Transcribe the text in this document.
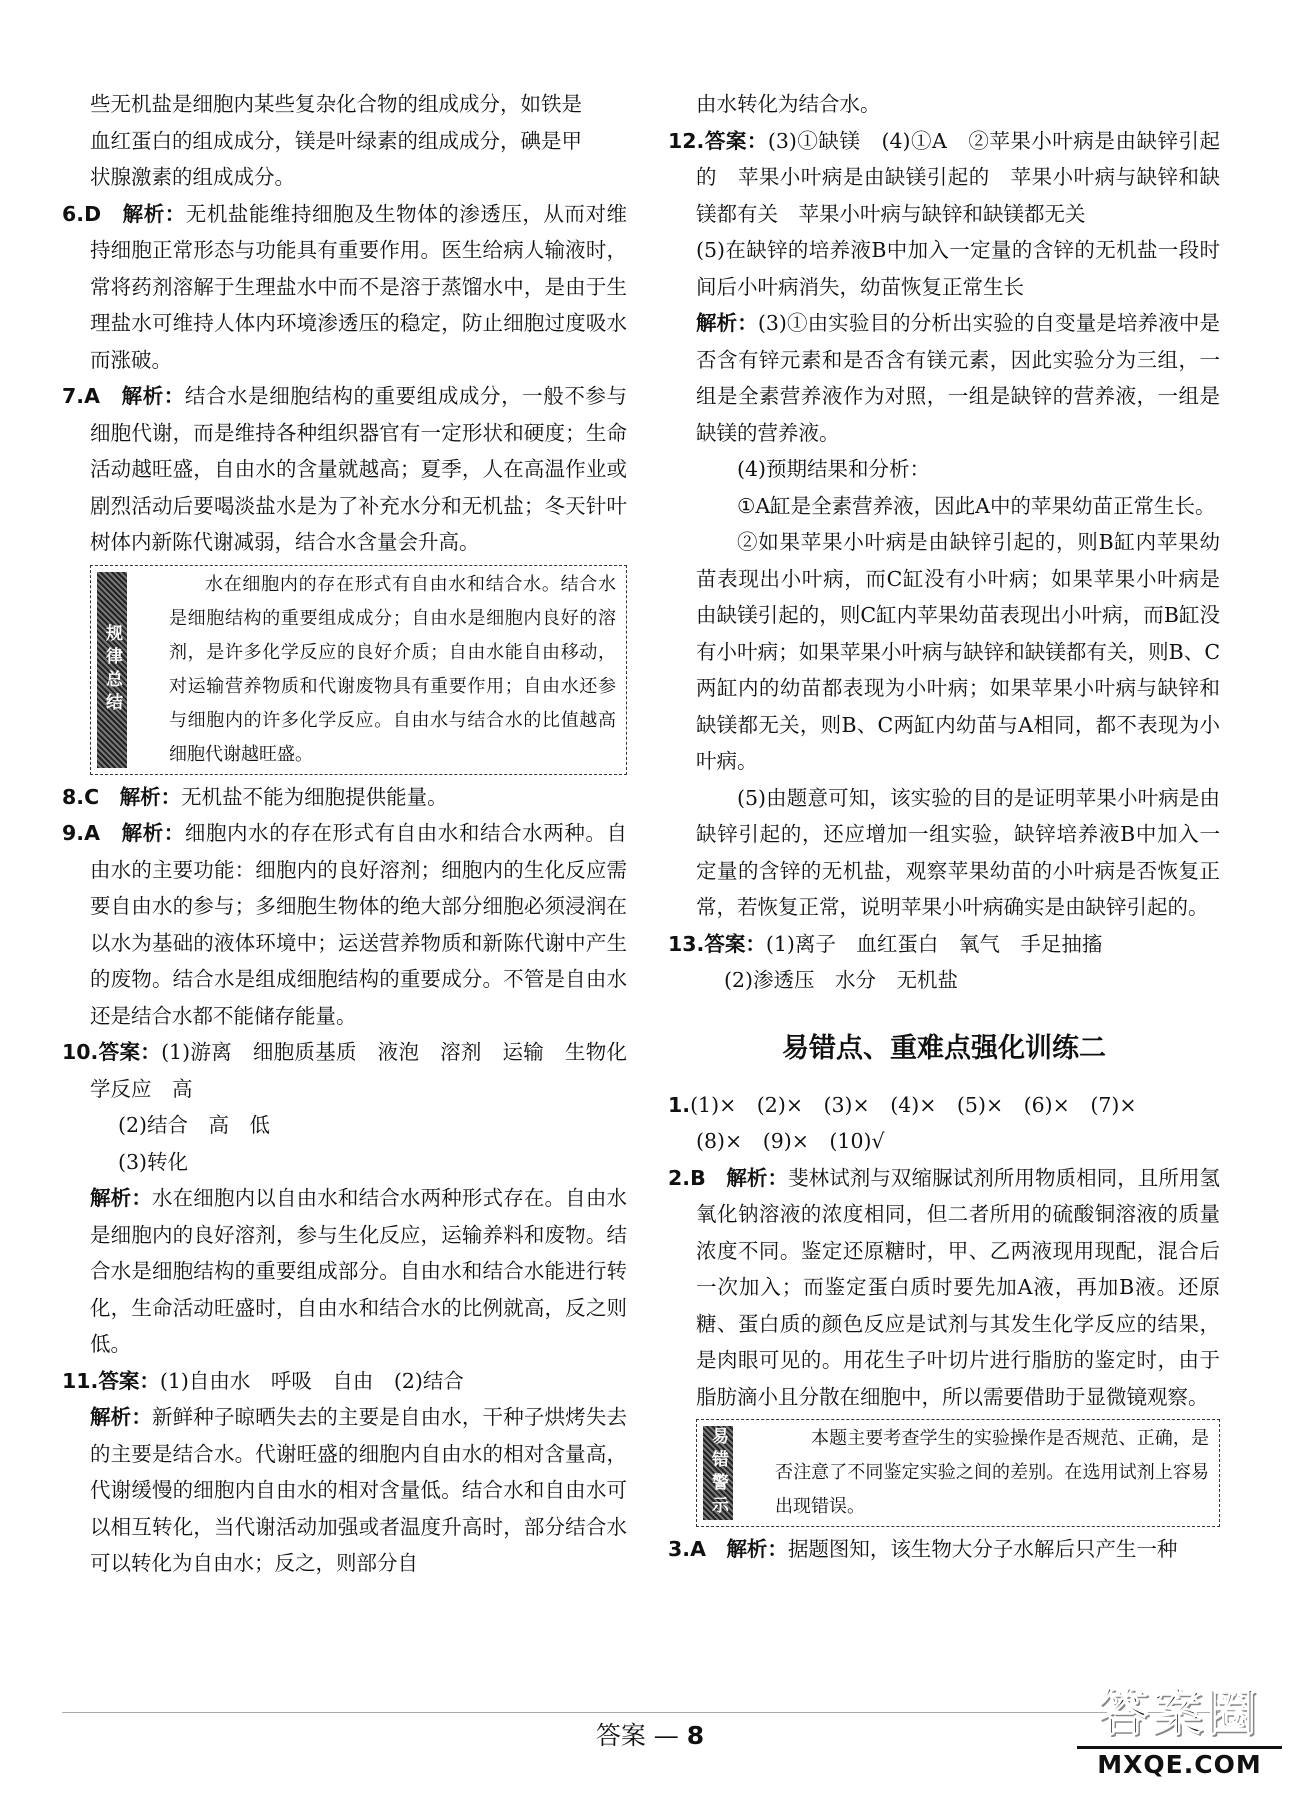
些无机盐是细胞内某些复杂化合物的组成成分，如铁是

血红蛋白的组成成分，镁是叶绿素的组成成分，碘是甲

状腺激素的组成成分。

6.D　 解析：无机盐能维持细胞及生物体的渗透压，从而对维持细胞正常形态与功能具有重要作用。医生给病人输液时，常将药剂溶解于生理盐水中而不是溶于蒸馏水中，是由于生理盐水可维持人体内环境渗透压的稳定，防止细胞过度吸水而涨破。

7.A　 解析：结合水是细胞结构的重要组成成分，一般不参与细胞代谢，而是维持各种组织器官有一定形状和硬度；生命活动越旺盛，自由水的含量就越高；夏季，人在高温作业或剧烈活动后要喝淡盐水是为了补充水分和无机盐；冬天针叶树体内新陈代谢减弱，结合水含量会升高。

规律总结
水在细胞内的存在形式有自由水和结合水。结合水是细胞结构的重要组成成分；自由水是细胞内良好的溶剂，是许多化学反应的良好介质；自由水能自由移动，对运输营养物质和代谢废物具有重要作用；自由水还参与细胞内的许多化学反应。自由水与结合水的比值越高细胞代谢越旺盛。

8.C　 解析：无机盐不能为细胞提供能量。

9.A　 解析：细胞内水的存在形式有自由水和结合水两种。自由水的主要功能：细胞内的良好溶剂；细胞内的生化反应需要自由水的参与；多细胞生物体的绝大部分细胞必须浸润在以水为基础的液体环境中；运送营养物质和新陈代谢中产生的废物。结合水是组成细胞结构的重要成分。不管是自由水还是结合水都不能储存能量。

10.答案：(1)游离　细胞质基质　液泡　溶剂　运输　生物化学反应　高

(2)结合　高　低

(3)转化

解析：水在细胞内以自由水和结合水两种形式存在。自由水是细胞内的良好溶剂，参与生化反应，运输养料和废物。结合水是细胞结构的重要组成部分。自由水和结合水能进行转化，生命活动旺盛时，自由水和结合水的比例就高，反之则低。

11.答案：(1)自由水　呼吸　自由　(2)结合

解析：新鲜种子晾晒失去的主要是自由水，干种子烘烤失去的主要是结合水。代谢旺盛的细胞内自由水的相对含量高，代谢缓慢的细胞内自由水的相对含量低。结合水和自由水可以相互转化，当代谢活动加强或者温度升高时，部分结合水可以转化为自由水；反之，则部分自

由水转化为结合水。

12.答案：(3)①缺镁　(4)①A　②苹果小叶病是由缺锌引起的　苹果小叶病是由缺镁引起的　苹果小叶病与缺锌和缺镁都有关　苹果小叶病与缺锌和缺镁都无关

(5)在缺锌的培养液B中加入一定量的含锌的无机盐一段时间后小叶病消失，幼苗恢复正常生长

解析：(3)①由实验目的分析出实验的自变量是培养液中是否含有锌元素和是否含有镁元素，因此实验分为三组，一组是全素营养液作为对照，一组是缺锌的营养液，一组是缺镁的营养液。

(4)预期结果和分析：

①A缸是全素营养液，因此A中的苹果幼苗正常生长。

②如果苹果小叶病是由缺锌引起的，则B缸内苹果幼苗表现出小叶病，而C缸没有小叶病；如果苹果小叶病是由缺镁引起的，则C缸内苹果幼苗表现出小叶病，而B缸没有小叶病；如果苹果小叶病与缺锌和缺镁都有关，则B、C两缸内的幼苗都表现为小叶病；如果苹果小叶病与缺锌和缺镁都无关，则B、C两缸内幼苗与A相同，都不表现为小叶病。

(5)由题意可知，该实验的目的是证明苹果小叶病是由缺锌引起的，还应增加一组实验，缺锌培养液B中加入一定量的含锌的无机盐，观察苹果幼苗的小叶病是否恢复正常，若恢复正常，说明苹果小叶病确实是由缺锌引起的。

13.答案：(1)离子　血红蛋白　氧气　手足抽搐

(2)渗透压　水分　无机盐

易错点、重难点强化训练二

1.(1)×　(2)×　(3)×　(4)×　(5)×　(6)×　(7)×

(8)×　(9)×　(10)√

2.B　 解析：斐林试剂与双缩脲试剂所用物质相同，且所用氢氧化钠溶液的浓度相同，但二者所用的硫酸铜溶液的质量浓度不同。鉴定还原糖时，甲、乙两液现用现配，混合后一次加入；而鉴定蛋白质时要先加A液，再加B液。还原糖、蛋白质的颜色反应是试剂与其发生化学反应的结果，是肉眼可见的。用花生子叶切片进行脂肪的鉴定时，由于脂肪滴小且分散在细胞中，所以需要借助于显微镜观察。

易错警示	本题主要考查学生的实验操作是否规范、正确，是否注意了不同鉴定实验之间的差别。在选用试剂上容易出现错误。

3.A　 解析：据题图知，该生物大分子水解后只产生一种

答案 — 8	答案圈
MXQE.COM
